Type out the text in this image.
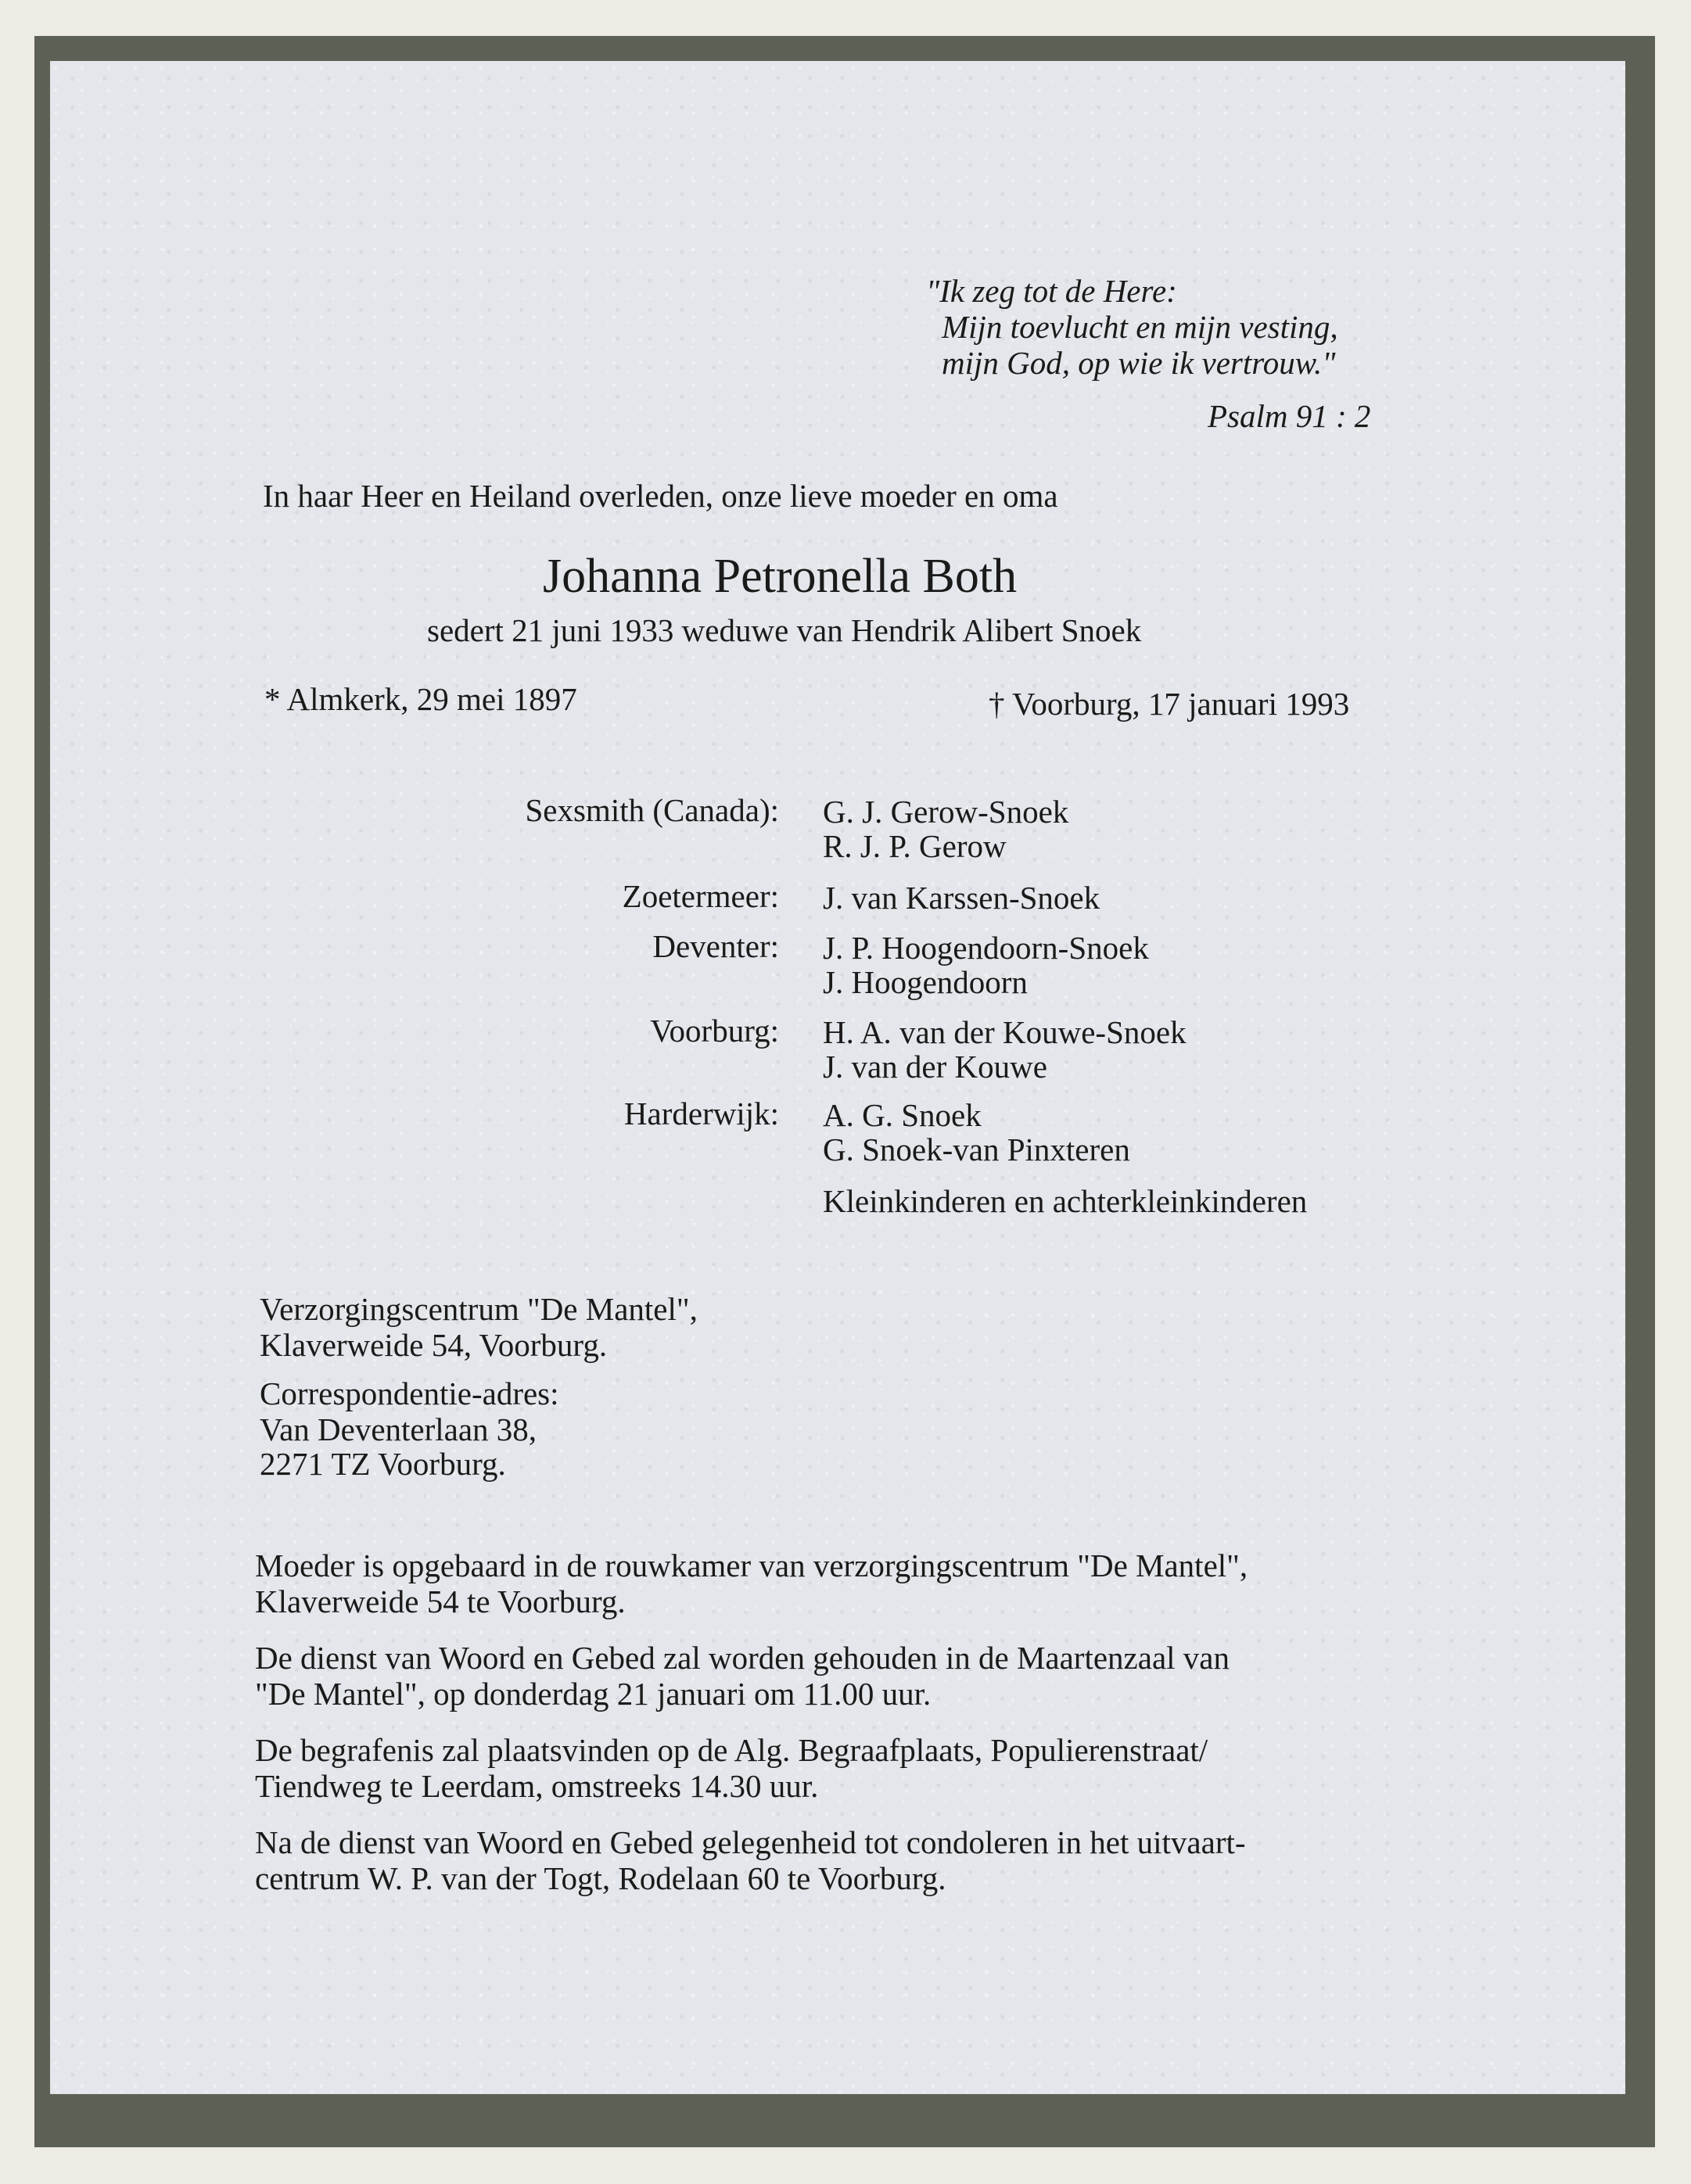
"Ik zeg tot de Here:
Mijn toevlucht en mijn vesting,
mijn God, op wie ik vertrouw."
Psalm 91 : 2
In haar Heer en Heiland overleden, onze lieve moeder en oma
Johanna Petronella Both
sedert 21 juni 1933 weduwe van Hendrik Alibert Snoek
* Almkerk, 29 mei 1897	† Voorburg, 17 januari 1993
Sexsmith (Canada): G. J. Gerow-Snoek
R. J. P. Gerow
Zoetermeer: J. van Karssen-Snoek
Deventer: J. P. Hoogendoorn-Snoek
J. Hoogendoorn
Voorburg: H. A. van der Kouwe-Snoek
J. van der Kouwe
Harderwijk: A. G. Snoek
G. Snoek-van Pinxteren
Kleinkinderen en achterkleinkinderen
Verzorgingscentrum "De Mantel",
Klaverweide 54, Voorburg.
Correspondentie-adres:
Van Deventerlaan 38,
2271 TZ Voorburg.
Moeder is opgebaard in de rouwkamer van verzorgingscentrum "De Mantel",
Klaverweide 54 te Voorburg.
De dienst van Woord en Gebed zal worden gehouden in de Maartenzaal van
"De Mantel", op donderdag 21 januari om 11.00 uur.
De begrafenis zal plaatsvinden op de Alg. Begraafplaats, Populierenstraat/
Tiendweg te Leerdam, omstreeks 14.30 uur.
Na de dienst van Woord en Gebed gelegenheid tot condoleren in het uitvaart-
centrum W. P. van der Togt, Rodelaan 60 te Voorburg.
